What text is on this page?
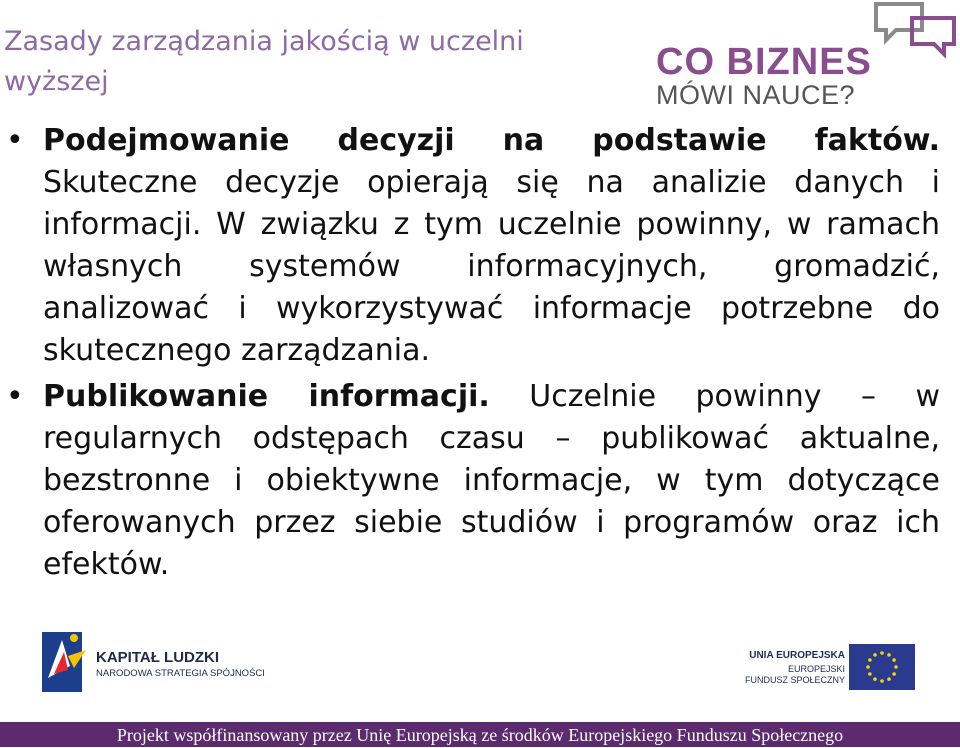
Zasady zarządzania jakością w uczelni
wyższej	CO BIZNES
MÓWI NAUCE?
• Podejmowanie decyzji na podstawie faktów. Skuteczne decyzje opierają się na analizie danych i informacji. W związku z tym uczelnie powinny, w ramach własnych systemów informacyjnych, gromadzić, analizować i wykorzystywać informacje potrzebne do skutecznego zarządzania.
• Publikowanie informacji. Uczelnie powinny – w regularnych odstępach czasu – publikować aktualne, bezstronne i obiektywne informacje, w tym dotyczące oferowanych przez siebie studiów i programów oraz ich efektów.
KAPITAŁ LUDZKI
NARODOWA STRATEGIA SPÓJNOŚCI
UNIA EUROPEJSKA
EUROPEJSKI
FUNDUSZ SPOŁECZNY
Projekt współfinansowany przez Unię Europejską ze środków Europejskiego Funduszu Społecznego
